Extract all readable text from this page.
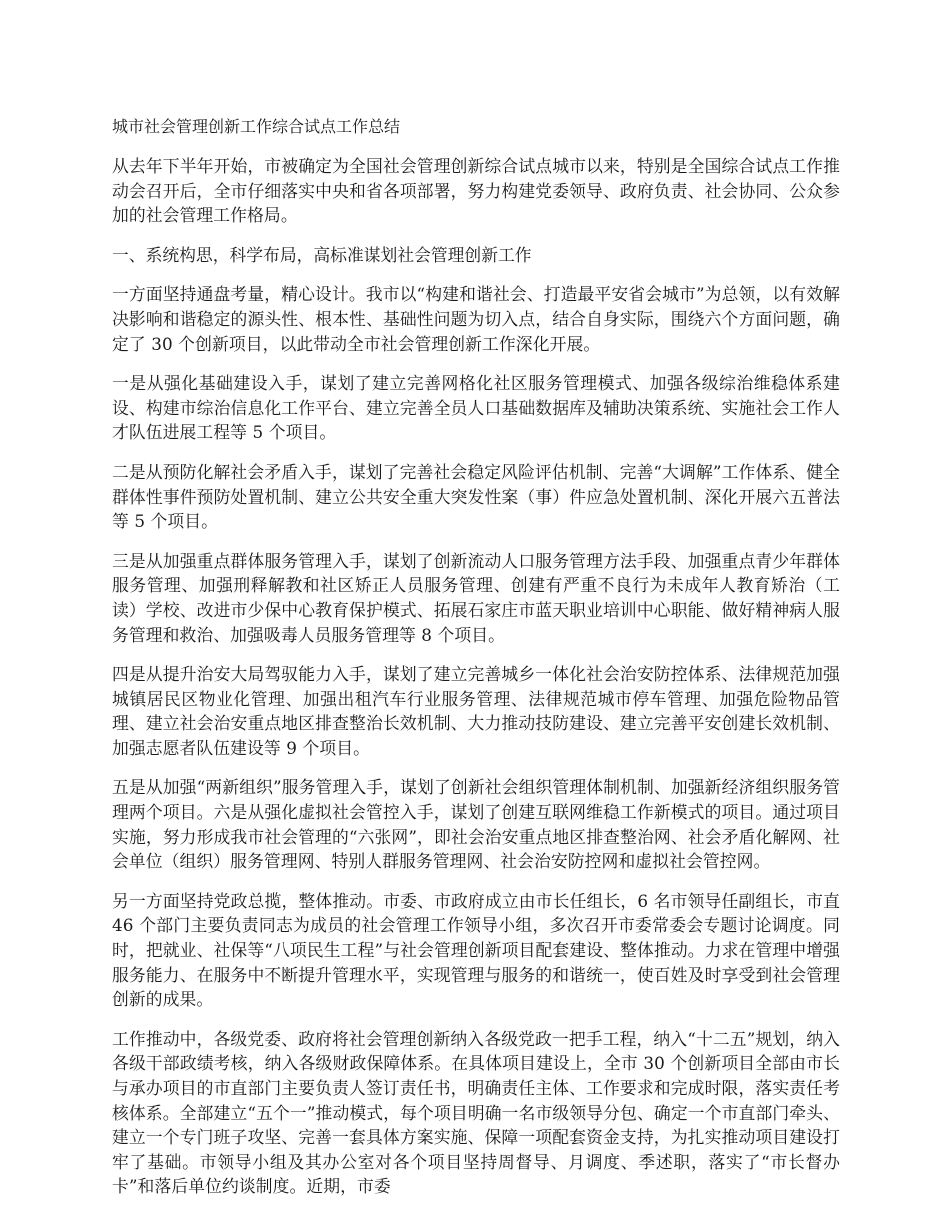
城市社会管理创新工作综合试点工作总结

从去年下半年开始，市被确定为全国社会管理创新综合试点城市以来，特别是全国综合试点工作推动会召开后，全市仔细落实中央和省各项部署，努力构建党委领导、政府负责、社会协同、公众参加的社会管理工作格局。

一、系统构思，科学布局，高标准谋划社会管理创新工作

一方面坚持通盘考量，精心设计。我市以“构建和谐社会、打造最平安省会城市”为总领，以有效解决影响和谐稳定的源头性、根本性、基础性问题为切入点，结合自身实际，围绕六个方面问题，确定了 30 个创新项目，以此带动全市社会管理创新工作深化开展。

一是从强化基础建设入手，谋划了建立完善网格化社区服务管理模式、加强各级综治维稳体系建设、构建市综治信息化工作平台、建立完善全员人口基础数据库及辅助决策系统、实施社会工作人才队伍进展工程等 5 个项目。

二是从预防化解社会矛盾入手，谋划了完善社会稳定风险评估机制、完善“大调解”工作体系、健全群体性事件预防处置机制、建立公共安全重大突发性案（事）件应急处置机制、深化开展六五普法等 5 个项目。

三是从加强重点群体服务管理入手，谋划了创新流动人口服务管理方法手段、加强重点青少年群体服务管理、加强刑释解教和社区矫正人员服务管理、创建有严重不良行为未成年人教育矫治（工读）学校、改进市少保中心教育保护模式、拓展石家庄市蓝天职业培训中心职能、做好精神病人服务管理和救治、加强吸毒人员服务管理等 8 个项目。

四是从提升治安大局驾驭能力入手，谋划了建立完善城乡一体化社会治安防控体系、法律规范加强城镇居民区物业化管理、加强出租汽车行业服务管理、法律规范城市停车管理、加强危险物品管理、建立社会治安重点地区排查整治长效机制、大力推动技防建设、建立完善平安创建长效机制、加强志愿者队伍建设等 9 个项目。

五是从加强“两新组织”服务管理入手，谋划了创新社会组织管理体制机制、加强新经济组织服务管理两个项目。六是从强化虚拟社会管控入手，谋划了创建互联网维稳工作新模式的项目。通过项目实施，努力形成我市社会管理的“六张网”，即社会治安重点地区排查整治网、社会矛盾化解网、社会单位（组织）服务管理网、特别人群服务管理网、社会治安防控网和虚拟社会管控网。

另一方面坚持党政总揽，整体推动。市委、市政府成立由市长任组长，6 名市领导任副组长，市直 46 个部门主要负责同志为成员的社会管理工作领导小组，多次召开市委常委会专题讨论调度。同时，把就业、社保等“八项民生工程”与社会管理创新项目配套建设、整体推动。力求在管理中增强服务能力、在服务中不断提升管理水平，实现管理与服务的和谐统一，使百姓及时享受到社会管理创新的成果。

工作推动中，各级党委、政府将社会管理创新纳入各级党政一把手工程，纳入“十二五”规划，纳入各级干部政绩考核，纳入各级财政保障体系。在具体项目建设上，全市 30 个创新项目全部由市长与承办项目的市直部门主要负责人签订责任书，明确责任主体、工作要求和完成时限，落实责任考核体系。全部建立“五个一”推动模式，每个项目明确一名市级领导分包、确定一个市直部门牵头、建立一个专门班子攻坚、完善一套具体方案实施、保障一项配套资金支持，为扎实推动项目建设打牢了基础。市领导小组及其办公室对各个项目坚持周督导、月调度、季述职，落实了“市长督办卡”和落后单位约谈制度。近期，市委
